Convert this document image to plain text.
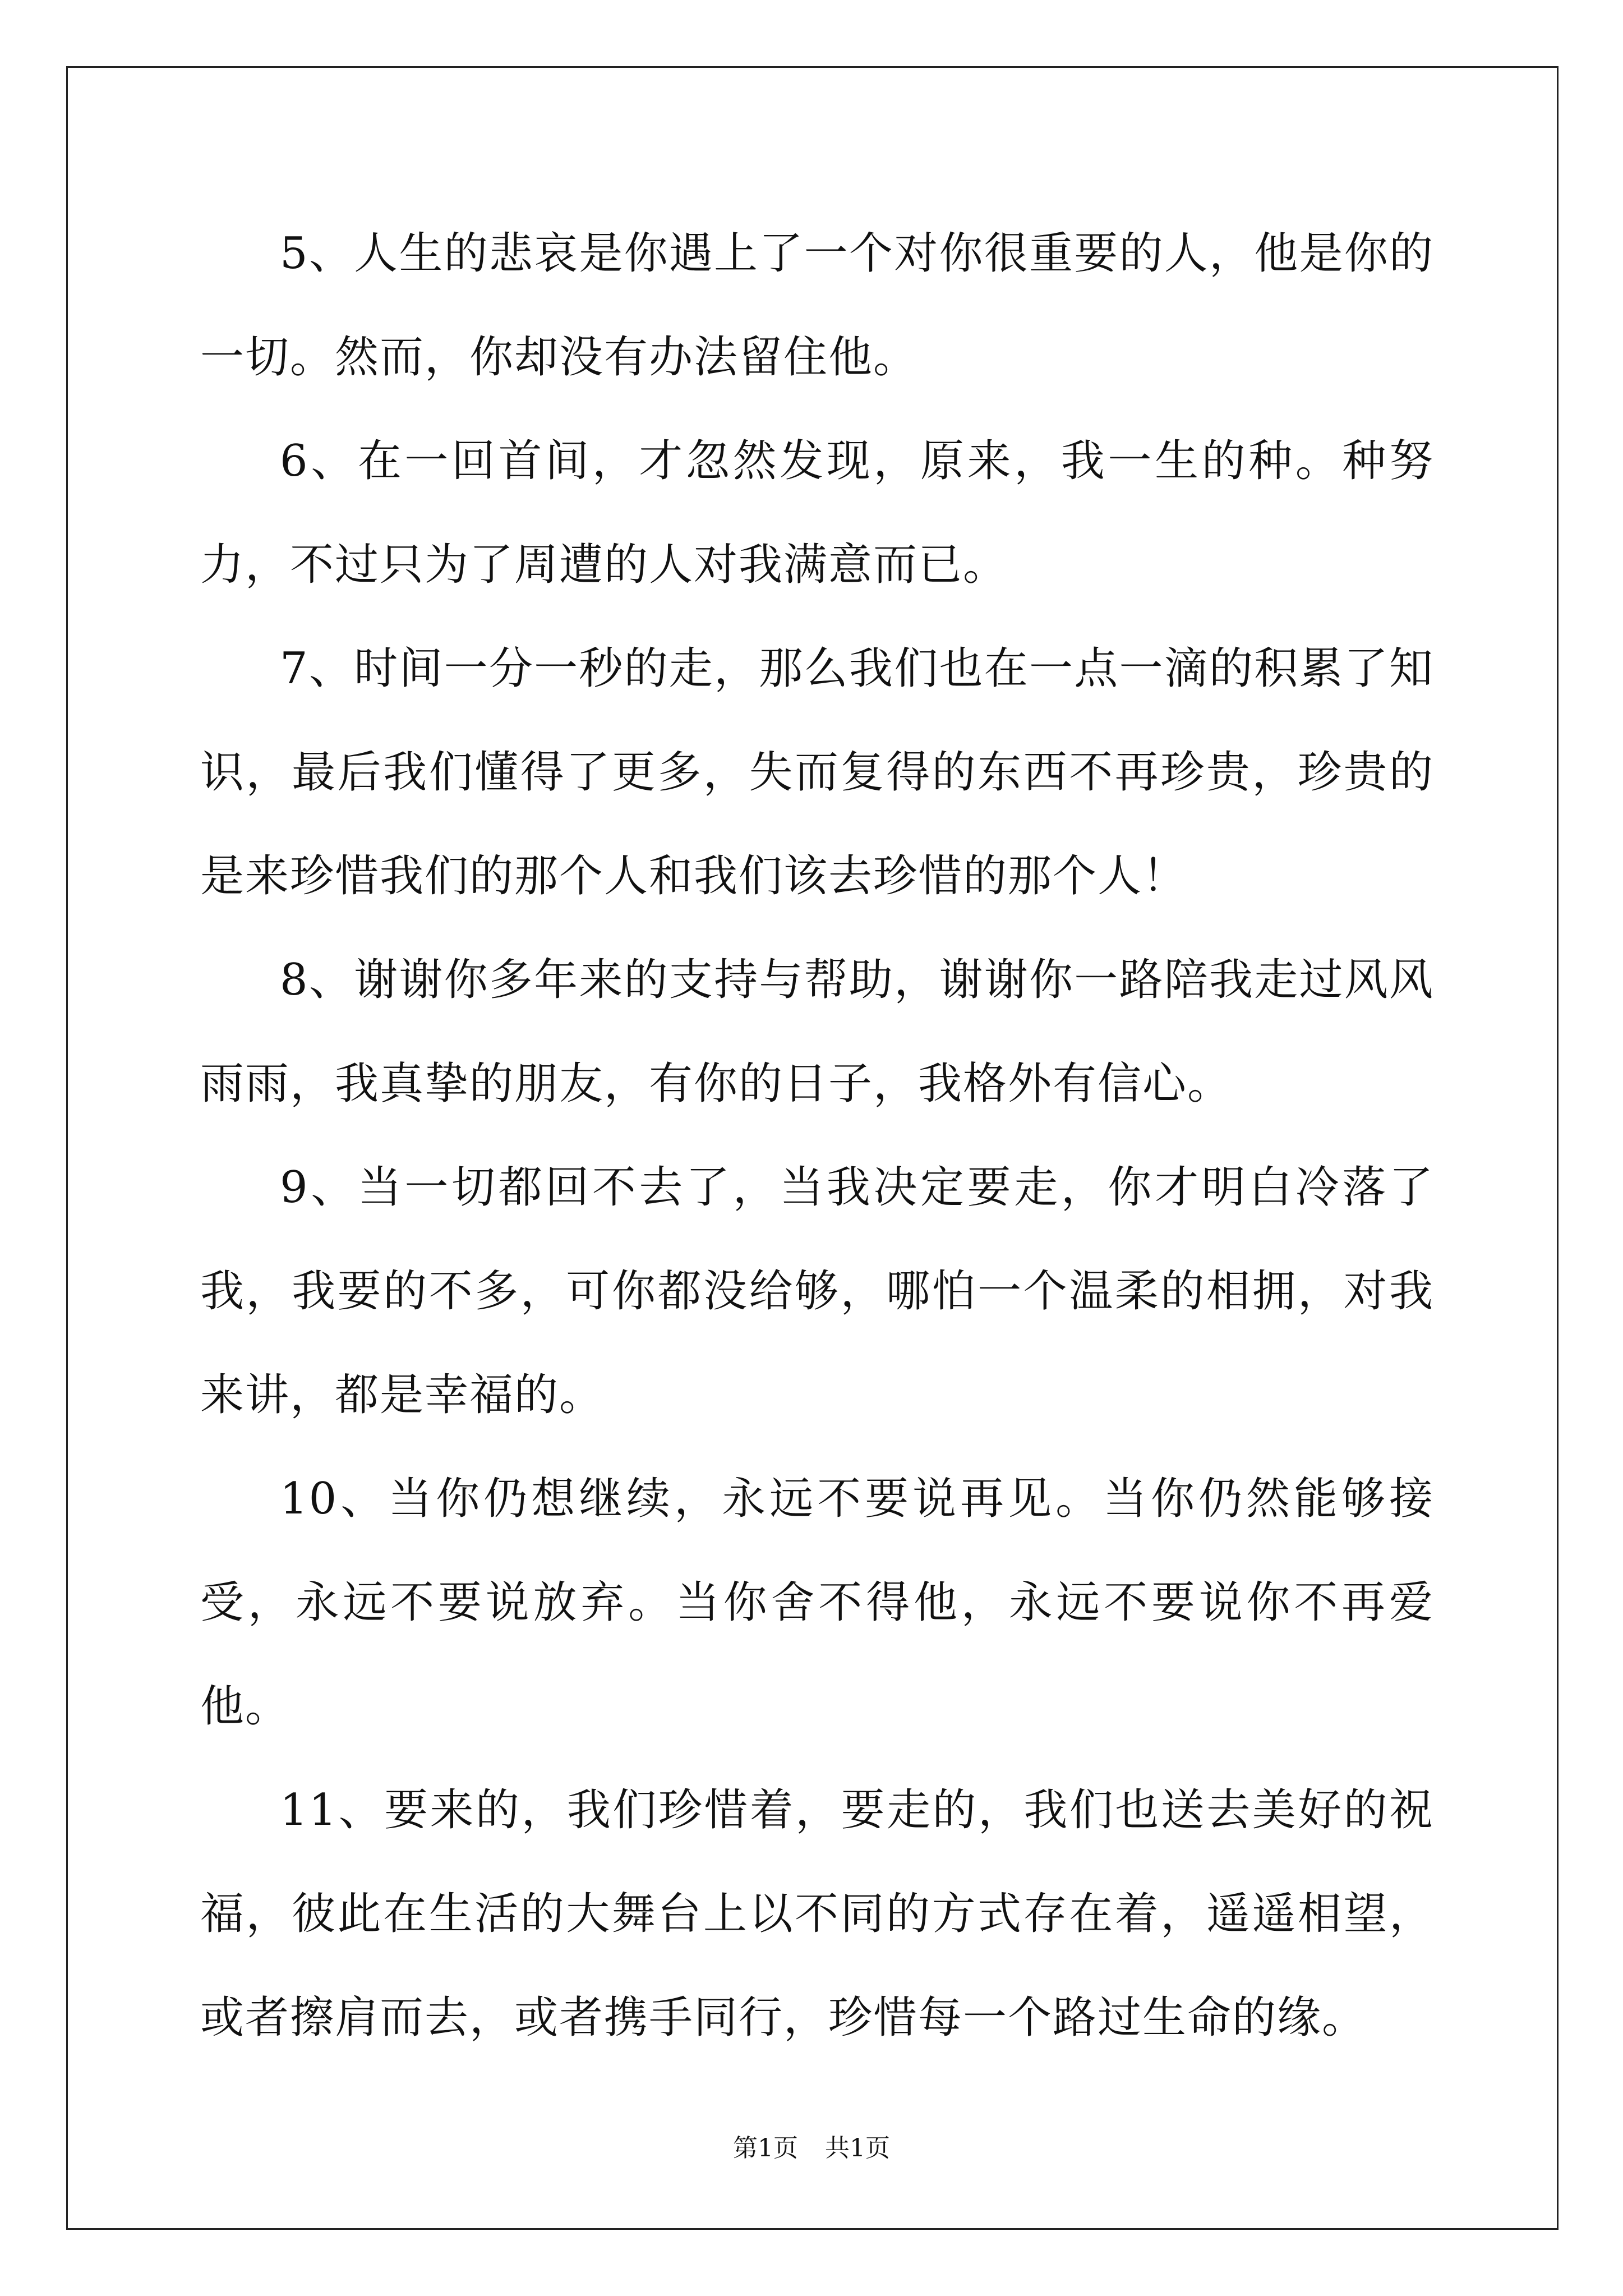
5、人生的悲哀是你遇上了一个对你很重要的人，他是你的一切。然而，你却没有办法留住他。

6、在一回首间，才忽然发现，原来，我一生的种。种努力，不过只为了周遭的人对我满意而已。

7、时间一分一秒的走，那么我们也在一点一滴的积累了知识，最后我们懂得了更多，失而复得的东西不再珍贵，珍贵的是来珍惜我们的那个人和我们该去珍惜的那个人！

8、谢谢你多年来的支持与帮助，谢谢你一路陪我走过风风雨雨，我真挚的朋友，有你的日子，我格外有信心。

9、当一切都回不去了，当我决定要走，你才明白冷落了我，我要的不多，可你都没给够，哪怕一个温柔的相拥，对我来讲，都是幸福的。

10、当你仍想继续，永远不要说再见。当你仍然能够接受，永远不要说放弃。当你舍不得他，永远不要说你不再爱他。

11、要来的，我们珍惜着，要走的，我们也送去美好的祝福，彼此在生活的大舞台上以不同的方式存在着，遥遥相望，或者擦肩而去，或者携手同行，珍惜每一个路过生命的缘。

第1页 共1页
